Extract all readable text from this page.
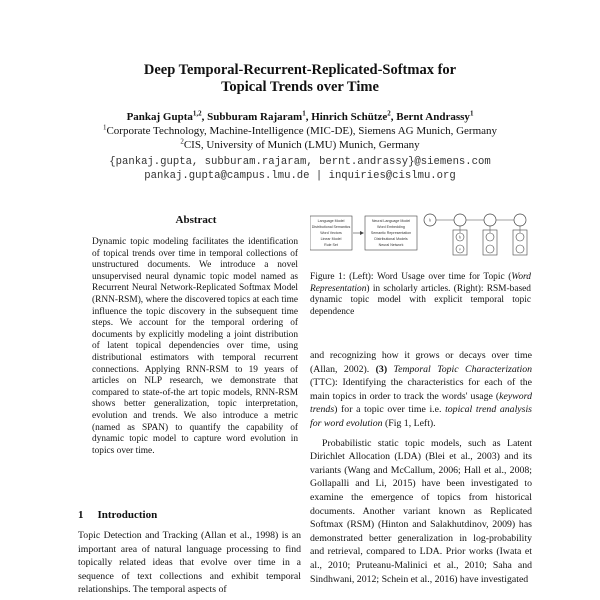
Deep Temporal-Recurrent-Replicated-Softmax for
Topical Trends over Time
Pankaj Gupta$^{1,2}$, Subburam Rajaram$^1$, Hinrich Schütze$^2$, Bernt Andrassy$^1$
$^1$Corporate Technology, Machine-Intelligence (MIC-DE), Siemens AG Munich, Germany
$^2$CIS, University of Munich (LMU) Munich, Germany
{pankaj.gupta, subburam.rajaram, bernt.andrassy}@siemens.com
pankaj.gupta@campus.lmu.de | inquiries@cislmu.org
Abstract
Dynamic topic modeling facilitates the identification of topical trends over time in temporal collections of unstructured documents. We introduce a novel unsupervised neural dynamic topic model named as Recurrent Neural Network-Replicated Softmax Model (RNN-RSM), where the discovered topics at each time influence the topic discovery in the subsequent time steps. We account for the temporal ordering of documents by explicitly modeling a joint distribution of latent topical dependencies over time, using distributional estimators with temporal recurrent connections. Applying RNN-RSM to 19 years of articles on NLP research, we demonstrate that compared to state-of-the art topic models, RNN-RSM shows better generalization, topic interpretation, evolution and trends. We also introduce a metric (named as SPAN) to quantify the capability of dynamic topic model to capture word evolution in topics over time.
1 Introduction
Topic Detection and Tracking (Allan et al., 1998) is an important area of natural language processing to find topically related ideas that evolve over time in a sequence of text collections and exhibit temporal relationships. The temporal aspects of
Language Model
Distributional Semantics
Word Vectors
Linear Model
Rule Set
Neural Language Model
Word Embedding
Semantic Representation
Distributional Models
Neural Network
h
h
v
Figure 1: (Left): Word Usage over time for Topic (Word Representation) in scholarly articles. (Right): RSM-based dynamic topic model with explicit temporal topic dependence

and recognizing how it grows or decays over time (Allan, 2002). (3) Temporal Topic Characterization (TTC): Identifying the characteristics for each of the main topics in order to track the words' usage (keyword trends) for a topic over time i.e. topical trend analysis for word evolution (Fig 1, Left).

Probabilistic static topic models, such as Latent Dirichlet Allocation (LDA) (Blei et al., 2003) and its variants (Wang and McCallum, 2006; Hall et al., 2008; Gollapalli and Li, 2015) have been investigated to examine the emergence of topics from historical documents. Another variant known as Replicated Softmax (RSM) (Hinton and Salakhutdinov, 2009) has demonstrated better generalization in log-probability and retrieval, compared to LDA. Prior works (Iwata et al., 2010; Pruteanu-Malinici et al., 2010; Saha and Sindhwani, 2012; Schein et al., 2016) have investigated
